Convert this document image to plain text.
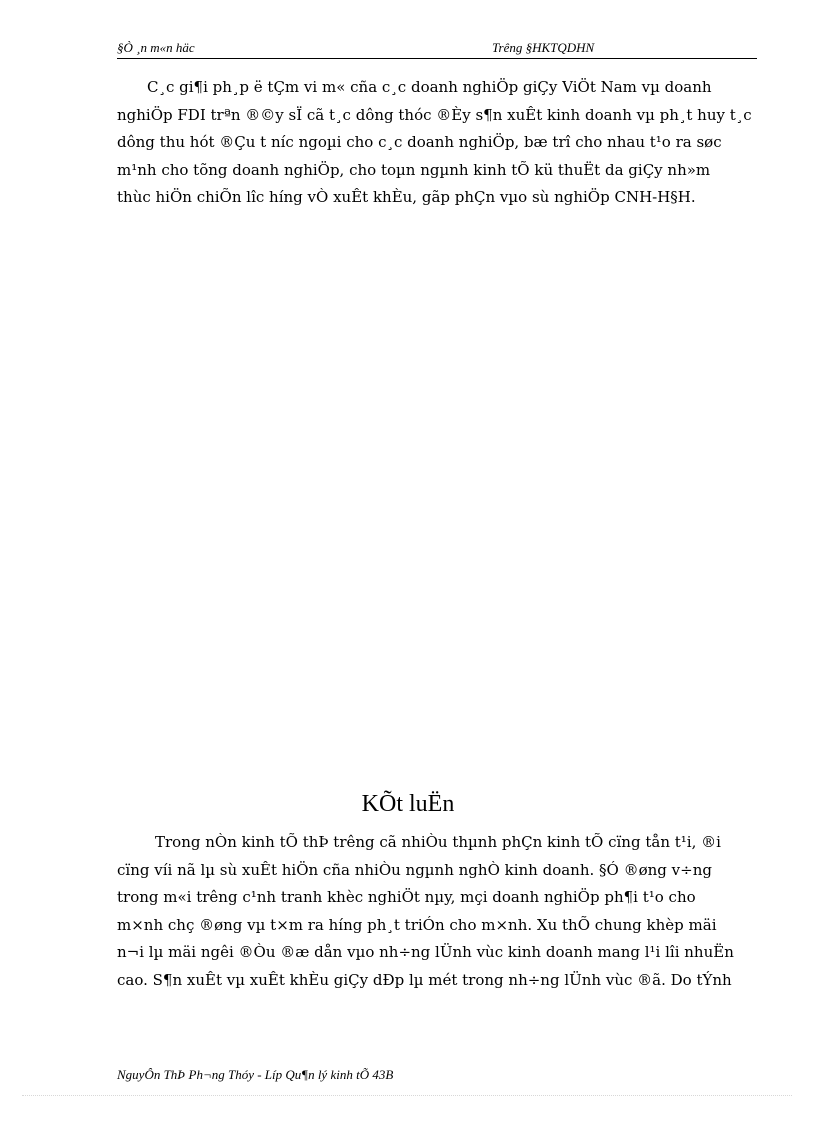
§Ò ¸n m«n häc	Trêng §HKTQDHN
C¸c gi¶i ph¸p ë tÇm vi m« cña c¸c doanh nghiÖp giÇy ViÖt Nam vµ doanh
nghiÖp FDI trªn ®©y sÏ cã t¸c dông thóc ®Èy s¶n xuÊt kinh doanh vµ ph¸t huy t¸c
dông thu hót ®Çu t níc ngoµi cho c¸c doanh nghiÖp, bæ trî cho nhau t¹o ra søc
m¹nh cho tõng doanh nghiÖp, cho toµn ngµnh kinh tÕ kü thuËt da giÇy nh»m
thùc hiÖn chiÕn lîc híng vÒ xuÊt khÈu, gãp phÇn vµo sù nghiÖp CNH-H§H.
KÕt luËn
Trong nÒn kinh tÕ thÞ trêng cã nhiÒu thµnh phÇn kinh tÕ cïng tån t¹i, ®i
cïng víi nã lµ sù xuÊt hiÖn cña nhiÒu ngµnh nghÒ kinh doanh. §Ó ®øng v÷ng
trong m«i trêng c¹nh tranh khèc nghiÖt nµy, mçi doanh nghiÖp ph¶i t¹o cho
m×nh chç ®øng vµ t×m ra híng ph¸t triÓn cho m×nh. Xu thÕ chung khèp mäi
n¬i lµ mäi ngêi ®Òu ®æ dån vµo nh÷ng lÜnh vùc kinh doanh mang l¹i lîi nhuËn
cao. S¶n xuÊt vµ xuÊt khÈu giÇy dÐp lµ mét trong nh÷ng lÜnh vùc ®ã. Do tÝnh
NguyÔn ThÞ Ph¬ng Thóy - Líp Qu¶n lý kinh tÕ 43B
